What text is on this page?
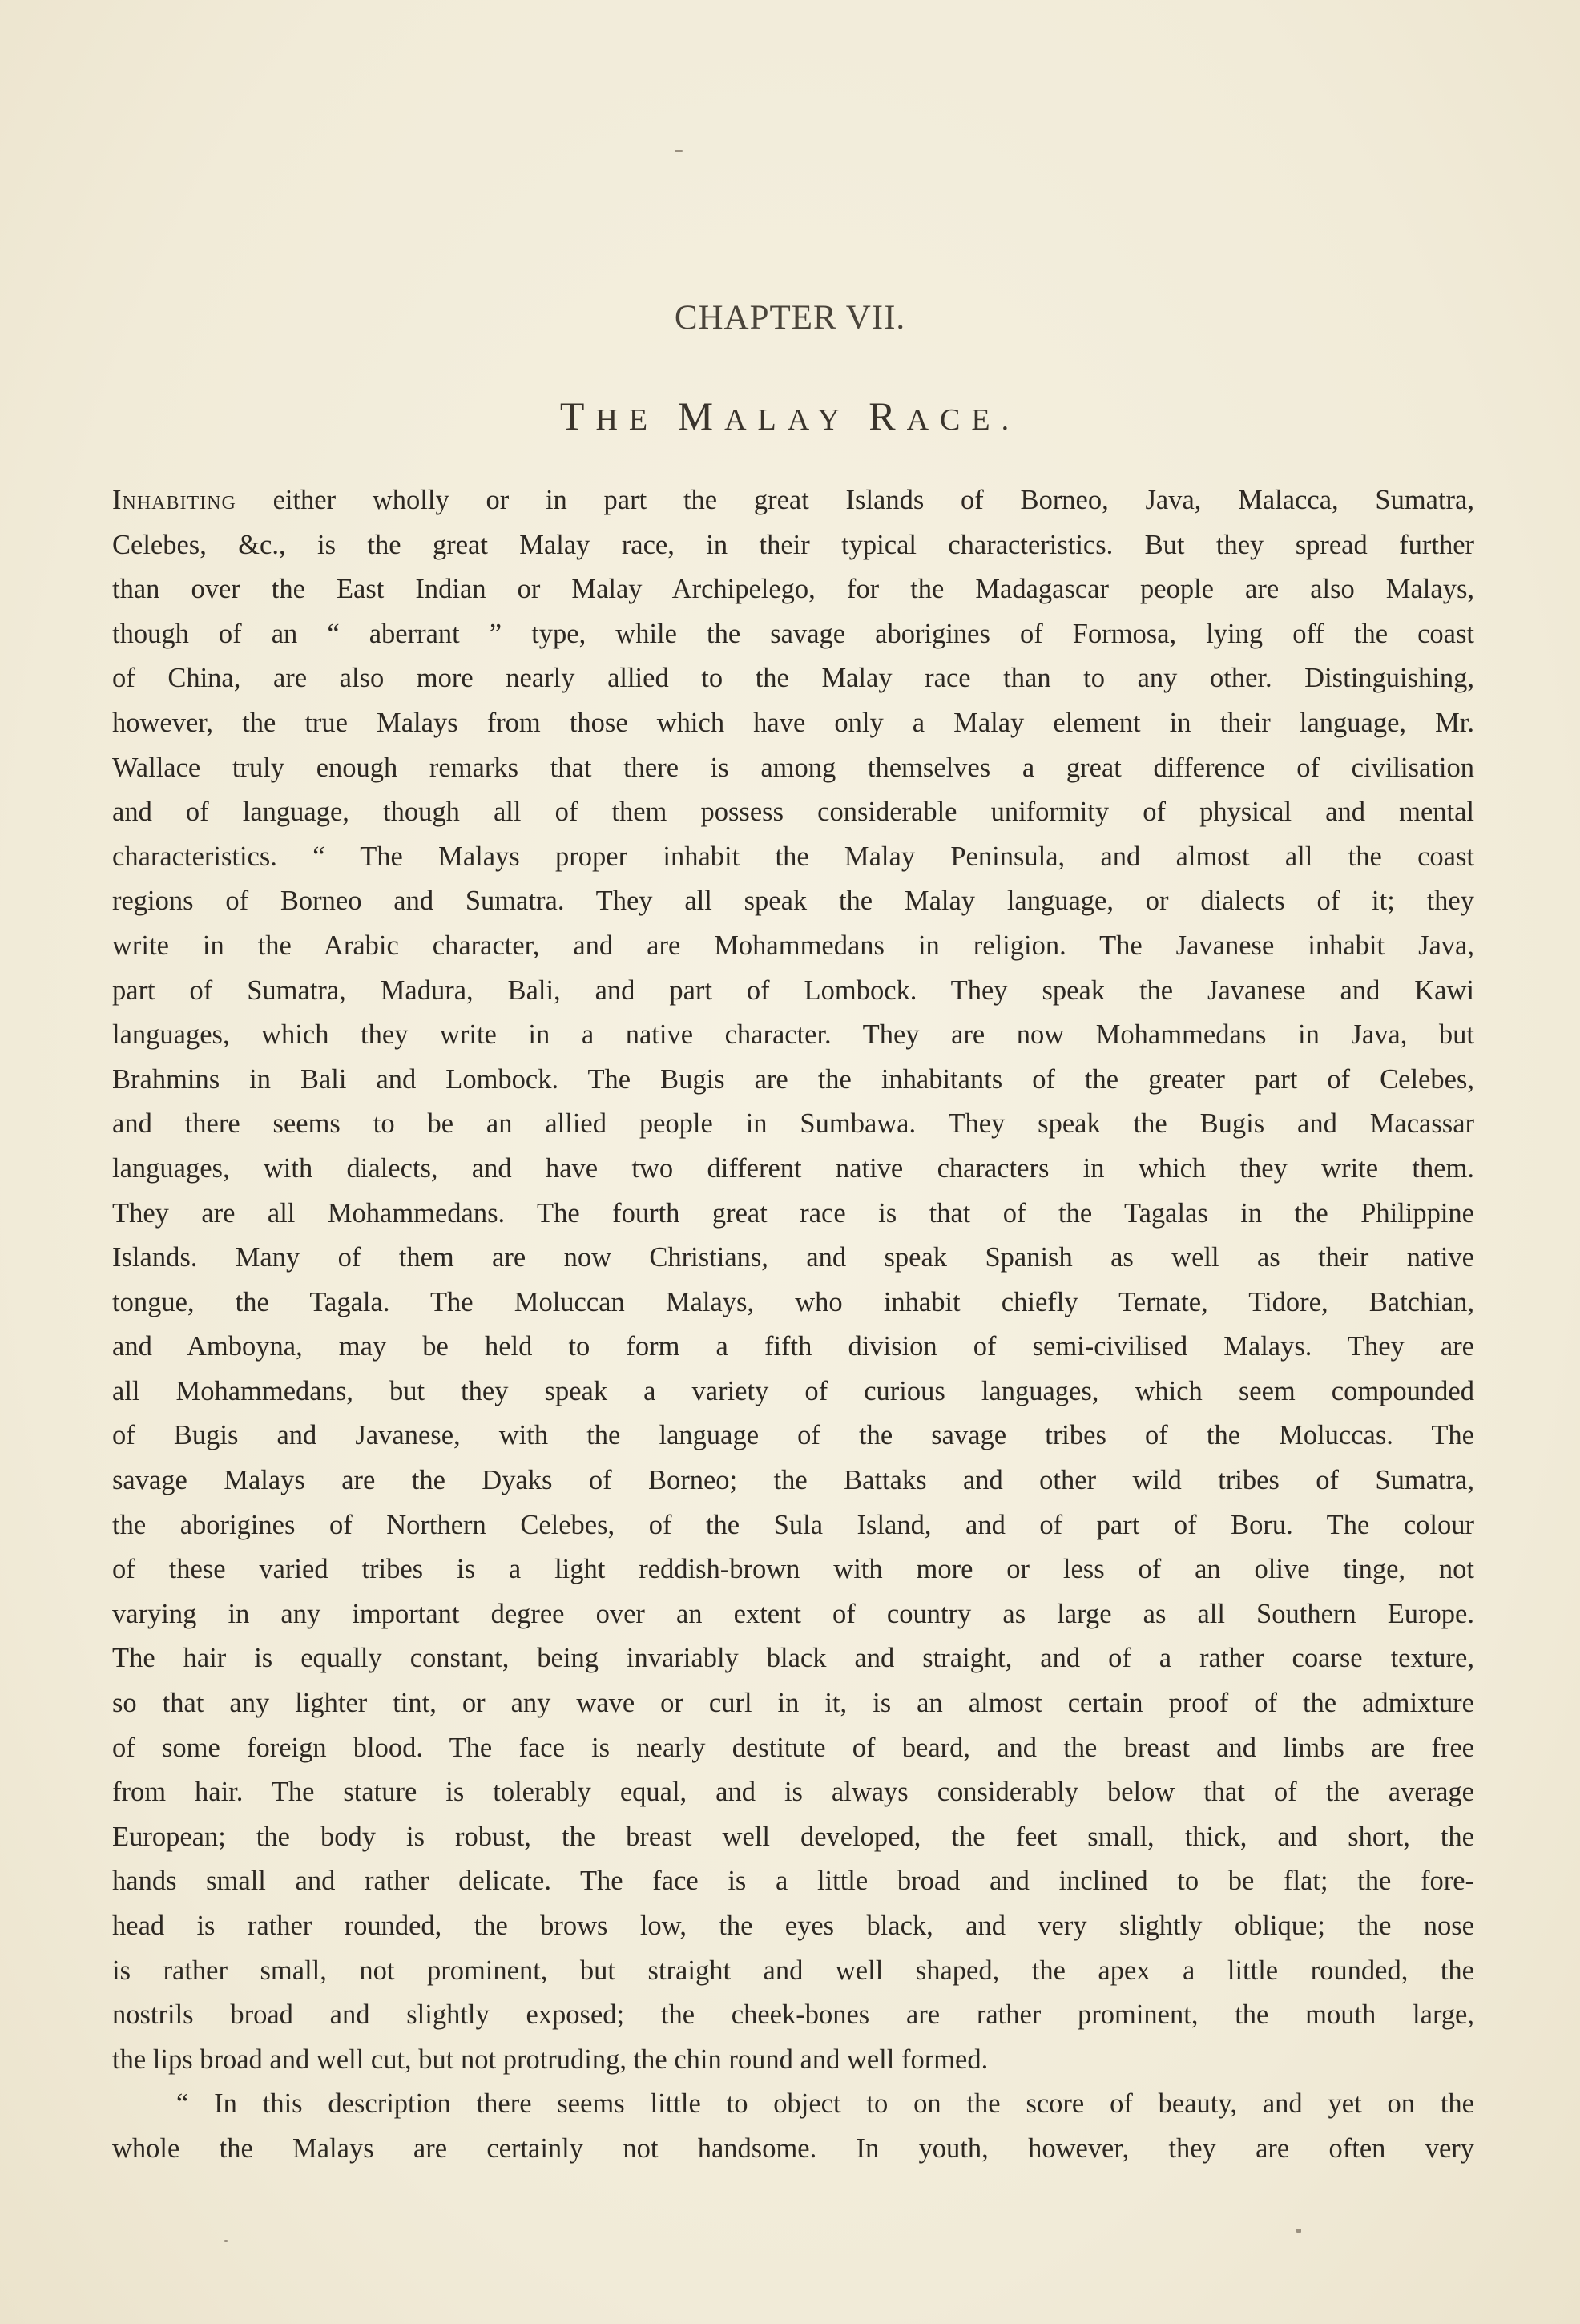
CHAPTER VII.
THE MALAY RACE.
Inhabiting either wholly or in part the great Islands of Borneo, Java, Malacca, Sumatra,
Celebes, &c., is the great Malay race, in their typical characteristics. But they spread further
than over the East Indian or Malay Archipelego, for the Madagascar people are also Malays,
though of an “ aberrant ” type, while the savage aborigines of Formosa, lying off the coast
of China, are also more nearly allied to the Malay race than to any other. Distinguishing,
however, the true Malays from those which have only a Malay element in their language, Mr.
Wallace truly enough remarks that there is among themselves a great difference of civilisation
and of language, though all of them possess considerable uniformity of physical and mental
characteristics. “ The Malays proper inhabit the Malay Peninsula, and almost all the coast
regions of Borneo and Sumatra. They all speak the Malay language, or dialects of it; they
write in the Arabic character, and are Mohammedans in religion. The Javanese inhabit Java,
part of Sumatra, Madura, Bali, and part of Lombock. They speak the Javanese and Kawi
languages, which they write in a native character. They are now Mohammedans in Java, but
Brahmins in Bali and Lombock. The Bugis are the inhabitants of the greater part of Celebes,
and there seems to be an allied people in Sumbawa. They speak the Bugis and Macassar
languages, with dialects, and have two different native characters in which they write them.
They are all Mohammedans. The fourth great race is that of the Tagalas in the Philippine
Islands. Many of them are now Christians, and speak Spanish as well as their native
tongue, the Tagala. The Moluccan Malays, who inhabit chiefly Ternate, Tidore, Batchian,
and Amboyna, may be held to form a fifth division of semi-civilised Malays. They are
all Mohammedans, but they speak a variety of curious languages, which seem compounded
of Bugis and Javanese, with the language of the savage tribes of the Moluccas. The
savage Malays are the Dyaks of Borneo; the Battaks and other wild tribes of Sumatra,
the aborigines of Northern Celebes, of the Sula Island, and of part of Boru. The colour
of these varied tribes is a light reddish-brown with more or less of an olive tinge, not
varying in any important degree over an extent of country as large as all Southern Europe.
The hair is equally constant, being invariably black and straight, and of a rather coarse texture,
so that any lighter tint, or any wave or curl in it, is an almost certain proof of the admixture
of some foreign blood. The face is nearly destitute of beard, and the breast and limbs are free
from hair. The stature is tolerably equal, and is always considerably below that of the average
European; the body is robust, the breast well developed, the feet small, thick, and short, the
hands small and rather delicate. The face is a little broad and inclined to be flat; the fore-
head is rather rounded, the brows low, the eyes black, and very slightly oblique; the nose
is rather small, not prominent, but straight and well shaped, the apex a little rounded, the
nostrils broad and slightly exposed; the cheek-bones are rather prominent, the mouth large,
the lips broad and well cut, but not protruding, the chin round and well formed.
“ In this description there seems little to object to on the score of beauty, and yet on the
whole the Malays are certainly not handsome. In youth, however, they are often very
